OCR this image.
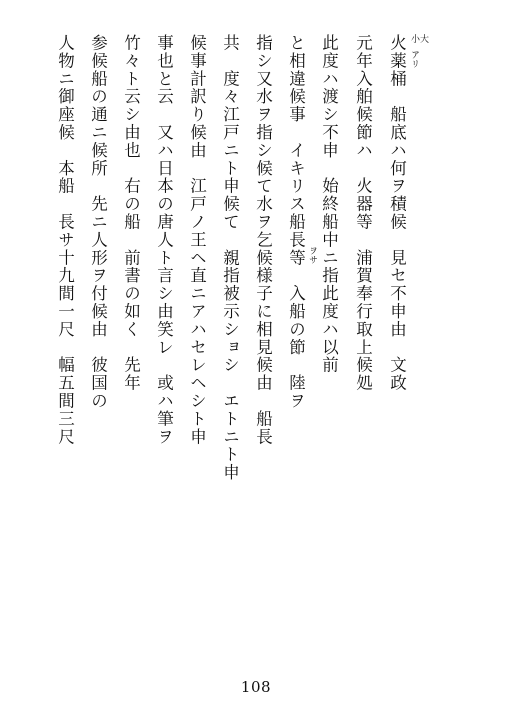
大
小
アリ
ヲサ	火薬桶　船底ハ何ヲ積候　見セ不申由　文政
元年入舶候節ハ　火器等　浦賀奉行取上候処
此度ハ渡シ不申　始終船中ニ指此度ハ以前
と相違候事　イキリス船長等　入船の節　陸ヲ
指シ又水ヲ指シ候て水ヲ乞候様子に相見候由　船長
共　度々江戸ニト申候て　親指被示ショシ　エトニト申
候事計訳り候由　江戸ノ王ヘ直ニアハセレヘシト申
事也と云　又ハ日本の唐人ト言シ由笑レ　或ハ筆ヲ
竹々ト云シ由也　右の船　前書の如く　先年
参候船の通ニ候所　先ニ人形ヲ付候由　彼国の
人物ニ御座候　本船　長サ十九間一尺　幅五間三尺
108
